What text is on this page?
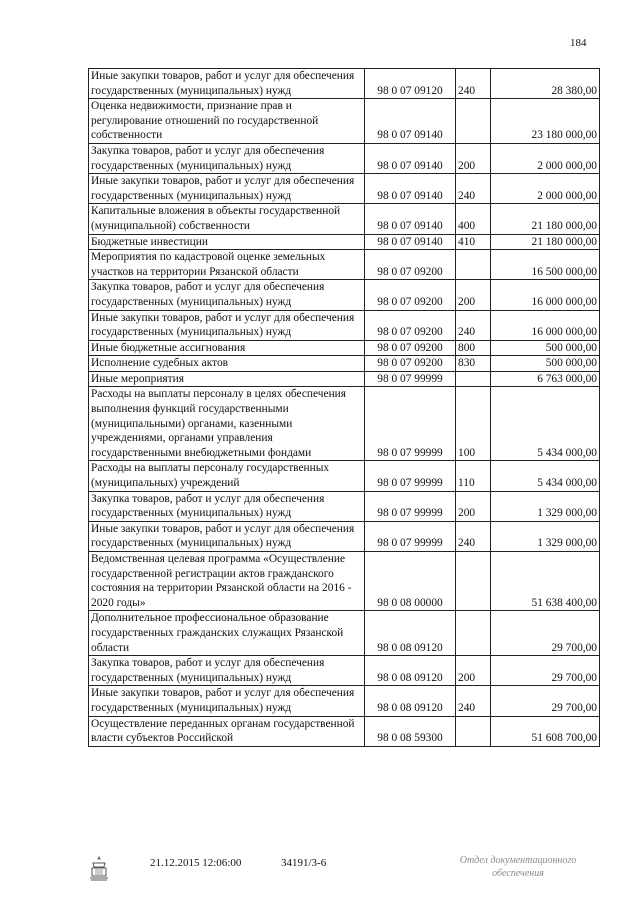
184
Иные закупки товаров, работ и услуг для обеспечения государственных (муниципальных) нужд	98 0 07 09120	240	28 380,00
Оценка недвижимости, признание прав и регулирование отношений по государственной собственности	98 0 07 09140		23 180 000,00
Закупка товаров, работ и услуг для обеспечения государственных (муниципальных) нужд	98 0 07 09140	200	2 000 000,00
Иные закупки товаров, работ и услуг для обеспечения государственных (муниципальных) нужд	98 0 07 09140	240	2 000 000,00
Капитальные вложения в объекты государственной (муниципальной) собственности	98 0 07 09140	400	21 180 000,00
Бюджетные инвестиции	98 0 07 09140	410	21 180 000,00
Мероприятия по кадастровой оценке земельных участков на территории Рязанской области	98 0 07 09200		16 500 000,00
Закупка товаров, работ и услуг для обеспечения государственных (муниципальных) нужд	98 0 07 09200	200	16 000 000,00
Иные закупки товаров, работ и услуг для обеспечения государственных (муниципальных) нужд	98 0 07 09200	240	16 000 000,00
Иные бюджетные ассигнования	98 0 07 09200	800	500 000,00
Исполнение судебных актов	98 0 07 09200	830	500 000,00
Иные мероприятия	98 0 07 99999		6 763 000,00
Расходы на выплаты персоналу в целях обеспечения выполнения функций государственными (муниципальными) органами, казенными учреждениями, органами управления государственными внебюджетными фондами	98 0 07 99999	100	5 434 000,00
Расходы на выплаты персоналу государственных (муниципальных) учреждений	98 0 07 99999	110	5 434 000,00
Закупка товаров, работ и услуг для обеспечения государственных (муниципальных) нужд	98 0 07 99999	200	1 329 000,00
Иные закупки товаров, работ и услуг для обеспечения государственных (муниципальных) нужд	98 0 07 99999	240	1 329 000,00
Ведомственная целевая программа «Осуществление государственной регистрации актов гражданского состояния на территории Рязанской области на 2016 - 2020 годы»	98 0 08 00000		51 638 400,00
Дополнительное профессиональное образование государственных гражданских служащих Рязанской области	98 0 08 09120		29 700,00
Закупка товаров, работ и услуг для обеспечения государственных (муниципальных) нужд	98 0 08 09120	200	29 700,00
Иные закупки товаров, работ и услуг для обеспечения государственных (муниципальных) нужд	98 0 08 09120	240	29 700,00
Осуществление переданных органам государственной власти субъектов Российской	98 0 08 59300		51 608 700,00
21.12.2015 12:06:00	34191/3-6	Отдел документационного обеспечения
